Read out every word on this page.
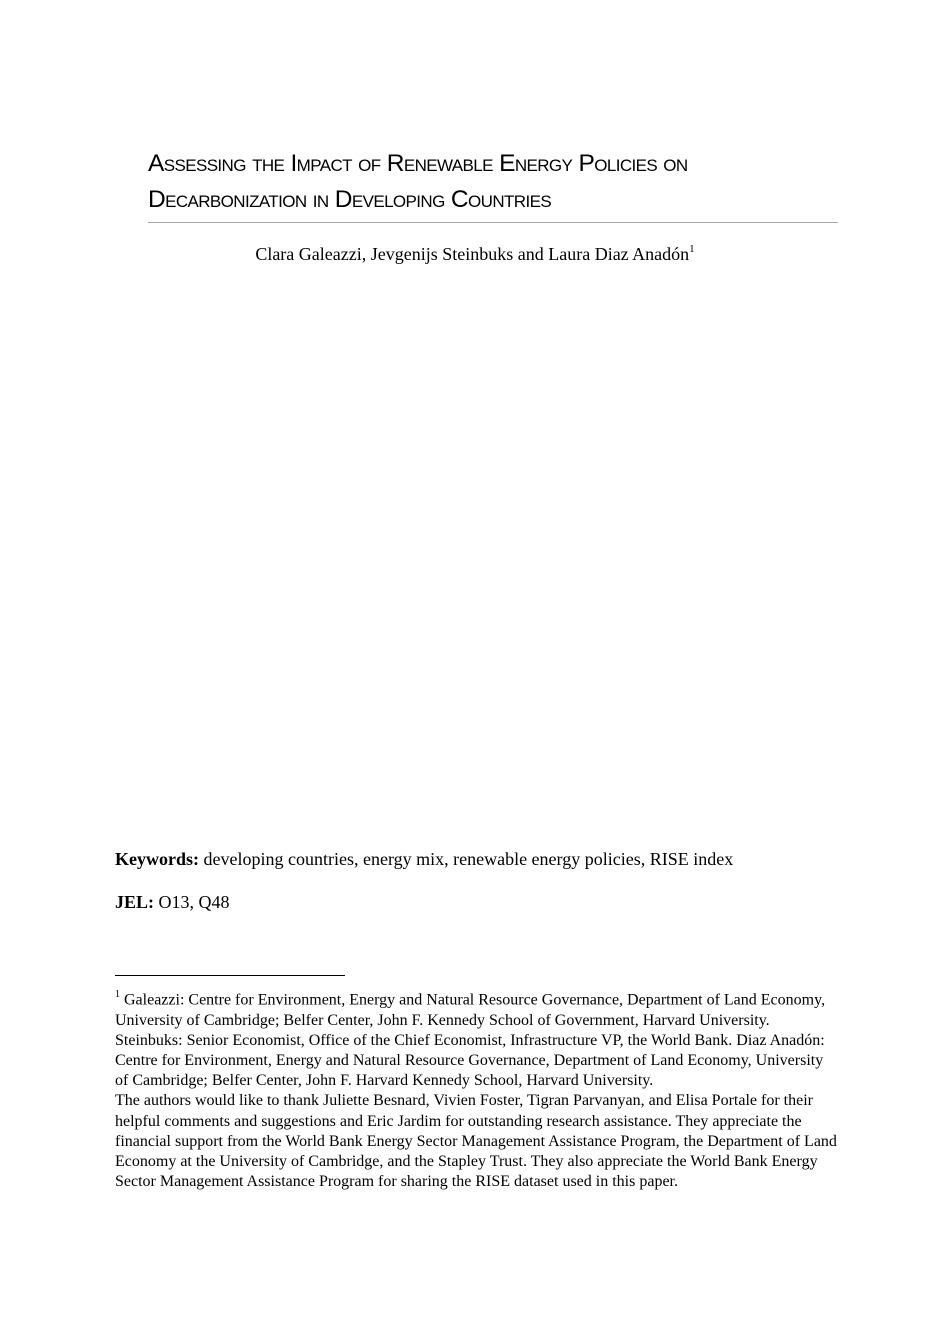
Assessing the Impact of Renewable Energy Policies on
Decarbonization in Developing Countries
Clara Galeazzi, Jevgenijs Steinbuks and Laura Diaz Anadón$^1$
Keywords: developing countries, energy mix, renewable energy policies, RISE index
JEL: O13, Q48

$^1$ Galeazzi: Centre for Environment, Energy and Natural Resource Governance, Department of Land Economy, University of Cambridge; Belfer Center, John F. Kennedy School of Government, Harvard University. Steinbuks: Senior Economist, Office of the Chief Economist, Infrastructure VP, the World Bank. Diaz Anadón: Centre for Environment, Energy and Natural Resource Governance, Department of Land Economy, University of Cambridge; Belfer Center, John F. Harvard Kennedy School, Harvard University.

The authors would like to thank Juliette Besnard, Vivien Foster, Tigran Parvanyan, and Elisa Portale for their helpful comments and suggestions and Eric Jardim for outstanding research assistance. They appreciate the financial support from the World Bank Energy Sector Management Assistance Program, the Department of Land Economy at the University of Cambridge, and the Stapley Trust. They also appreciate the World Bank Energy Sector Management Assistance Program for sharing the RISE dataset used in this paper.
